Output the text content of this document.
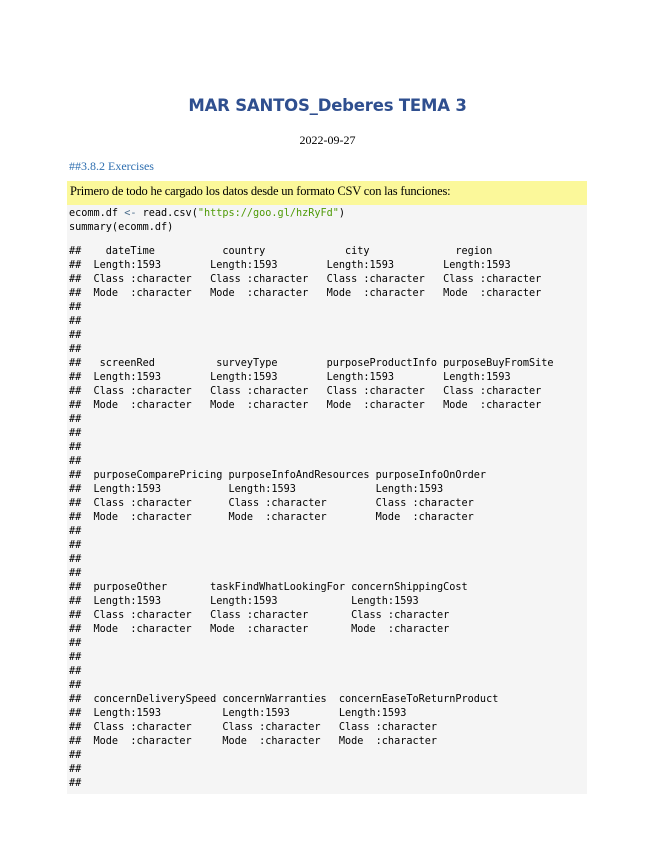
MAR SANTOS_Deberes TEMA 3
2022-09-27
##3.8.2 Exercises
Primero de todo he cargado los datos desde un formato CSV con las funciones:
ecomm.df <- read.csv("https://goo.gl/hzRyFd")
summary(ecomm.df)
##    dateTime           country             city              region
##  Length:1593        Length:1593        Length:1593        Length:1593
##  Class :character   Class :character   Class :character   Class :character
##  Mode  :character   Mode  :character   Mode  :character   Mode  :character
##
##
##
##
##   screenRed          surveyType        purposeProductInfo purposeBuyFromSite
##  Length:1593        Length:1593        Length:1593        Length:1593
##  Class :character   Class :character   Class :character   Class :character
##  Mode  :character   Mode  :character   Mode  :character   Mode  :character
##
##
##
##
##  purposeComparePricing purposeInfoAndResources purposeInfoOnOrder
##  Length:1593           Length:1593             Length:1593
##  Class :character      Class :character        Class :character
##  Mode  :character      Mode  :character        Mode  :character
##
##
##
##
##  purposeOther       taskFindWhatLookingFor concernShippingCost
##  Length:1593        Length:1593            Length:1593
##  Class :character   Class :character       Class :character
##  Mode  :character   Mode  :character       Mode  :character
##
##
##
##
##  concernDeliverySpeed concernWarranties  concernEaseToReturnProduct
##  Length:1593          Length:1593        Length:1593
##  Class :character     Class :character   Class :character
##  Mode  :character     Mode  :character   Mode  :character
##
##
##
